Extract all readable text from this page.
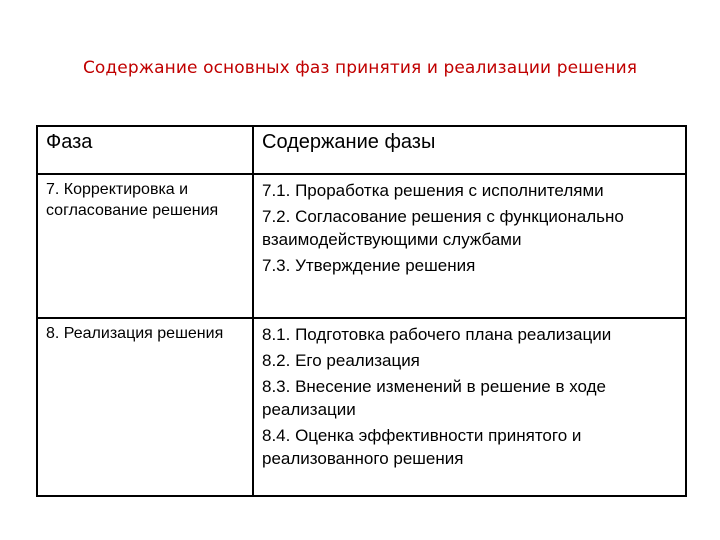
Содержание основных фаз принятия и реализации решения
Фаза	Содержание фазы
7. Корректировка и согласование решения	7.1. Проработка решения с исполнителями
7.2. Согласование решения с функционально взаимодействующими службами
7.3. Утверждение решения

8. Реализация решения	8.1. Подготовка рабочего плана реализации
8.2. Его реализация
8.3. Внесение изменений в решение в ходе реализации
8.4. Оценка эффективности принятого и реализованного решения
